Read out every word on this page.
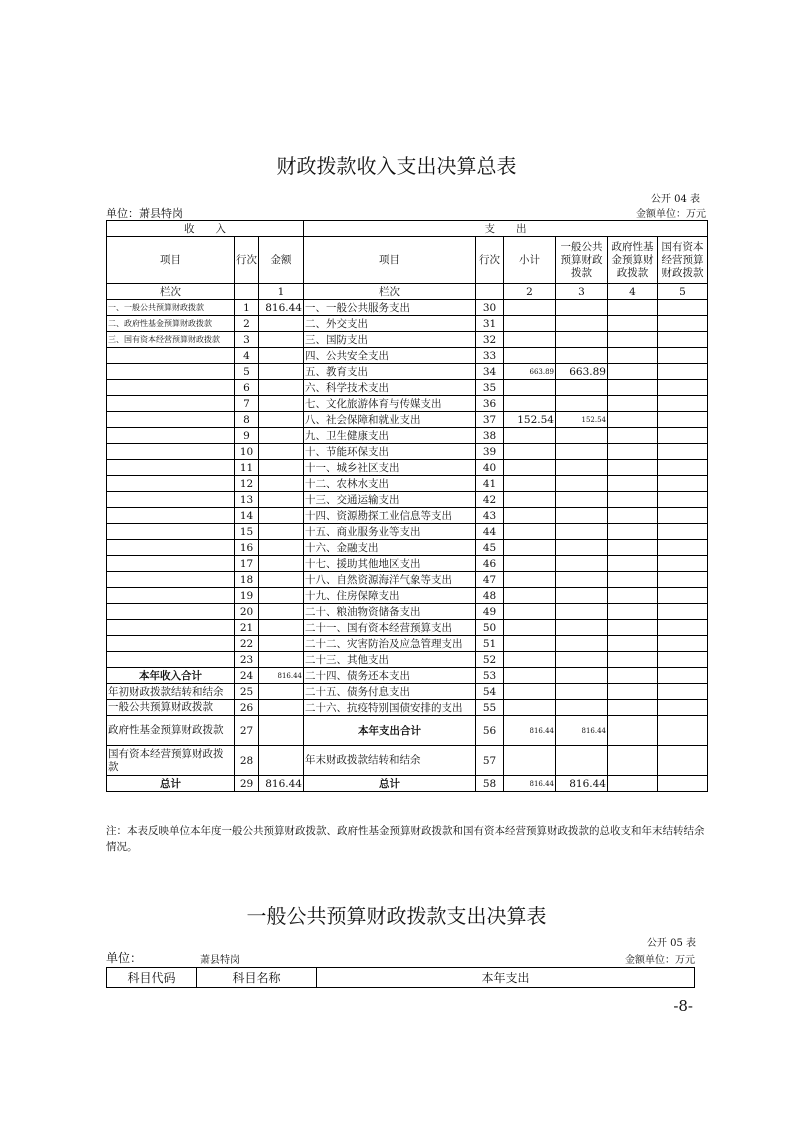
财政拨款收入支出决算总表
公开 04 表
单位：萧县特岗	金额单位：万元
收　　入			支　　出					
项目	行次	金额	项目	行次	小计	一般公共预算财政拨款	政府性基金预算财政拨款	国有资本经营预算财政拨款
栏次		1	栏次		2	3	4	5
一、一般公共预算财政拨款	1	816.44	一、一般公共服务支出	30				
二、政府性基金预算财政拨款	2		二、外交支出	31				
三、国有资本经营预算财政拨款	3		三、国防支出	32				
	4		四、公共安全支出	33				
	5		五、教育支出	34	663.89	663.89		
	6		六、科学技术支出	35				
	7		七、文化旅游体育与传媒支出	36				
	8		八、社会保障和就业支出	37	152.54	152.54		
	9		九、卫生健康支出	38				
	10		十、节能环保支出	39				
	11		十一、城乡社区支出	40				
	12		十二、农林水支出	41				
	13		十三、交通运输支出	42				
	14		十四、资源勘探工业信息等支出	43				
	15		十五、商业服务业等支出	44				
	16		十六、金融支出	45				
	17		十七、援助其他地区支出	46				
	18		十八、自然资源海洋气象等支出	47				
	19		十九、住房保障支出	48				
	20		二十、粮油物资储备支出	49				
	21		二十一、国有资本经营预算支出	50				
	22		二十二、灾害防治及应急管理支出	51				
	23		二十三、其他支出	52				
本年收入合计	24	816.44	二十四、债务还本支出	53				
年初财政拨款结转和结余	25		二十五、债务付息支出	54				
一般公共预算财政拨款	26		二十六、抗疫特别国债安排的支出	55				
政府性基金预算财政拨款	27		本年支出合计	56	816.44	816.44		
国有资本经营预算财政拨款	28		年末财政拨款结转和结余	57				
总计	29	816.44	总计	58	816.44	816.44		
注：本表反映单位本年度一般公共预算财政拨款、政府性基金预算财政拨款和国有资本经营预算财政拨款的总收支和年末结转结余情况。
一般公共预算财政拨款支出决算表
公开 05 表
单位：	萧县特岗	金额单位：万元
科目代码	科目名称	本年支出
-8-
